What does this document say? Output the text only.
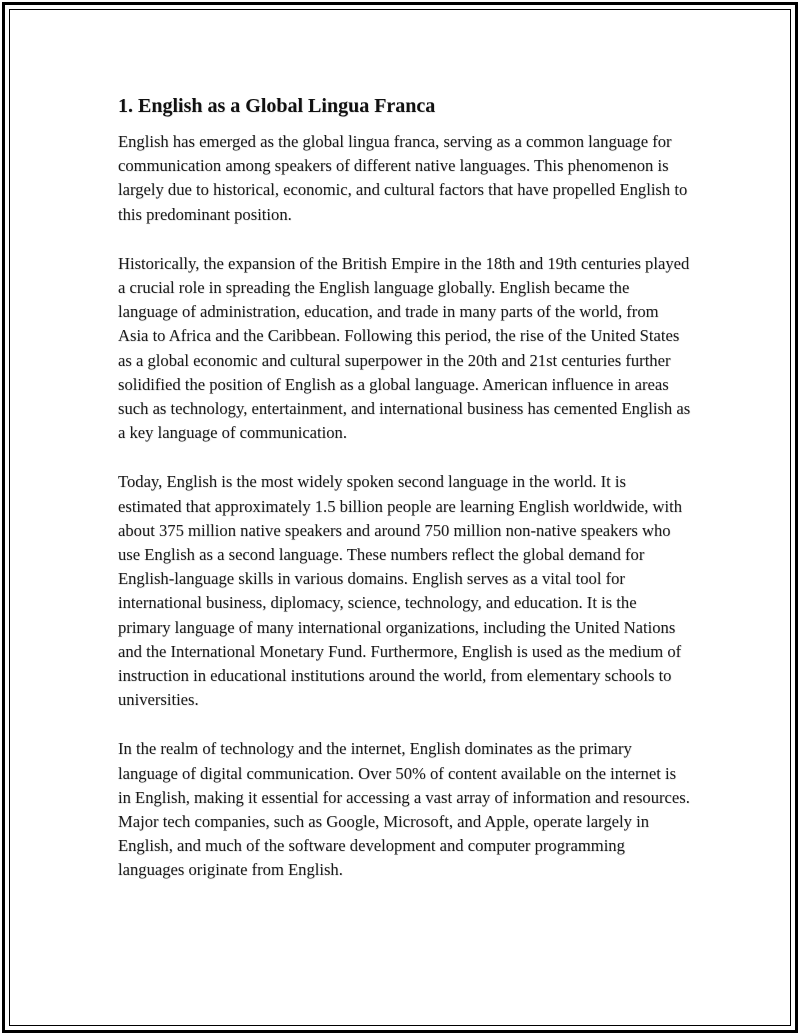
1. English as a Global Lingua Franca

English has emerged as the global lingua franca, serving as a common language for communication among speakers of different native languages. This phenomenon is largely due to historical, economic, and cultural factors that have propelled English to this predominant position.

Historically, the expansion of the British Empire in the 18th and 19th centuries played a crucial role in spreading the English language globally. English became the language of administration, education, and trade in many parts of the world, from Asia to Africa and the Caribbean. Following this period, the rise of the United States as a global economic and cultural superpower in the 20th and 21st centuries further solidified the position of English as a global language. American influence in areas such as technology, entertainment, and international business has cemented English as a key language of communication.

Today, English is the most widely spoken second language in the world. It is estimated that approximately 1.5 billion people are learning English worldwide, with about 375 million native speakers and around 750 million non-native speakers who use English as a second language. These numbers reflect the global demand for English-language skills in various domains. English serves as a vital tool for international business, diplomacy, science, technology, and education. It is the primary language of many international organizations, including the United Nations and the International Monetary Fund. Furthermore, English is used as the medium of instruction in educational institutions around the world, from elementary schools to universities.

In the realm of technology and the internet, English dominates as the primary language of digital communication. Over 50% of content available on the internet is in English, making it essential for accessing a vast array of information and resources. Major tech companies, such as Google, Microsoft, and Apple, operate largely in English, and much of the software development and computer programming languages originate from English.
